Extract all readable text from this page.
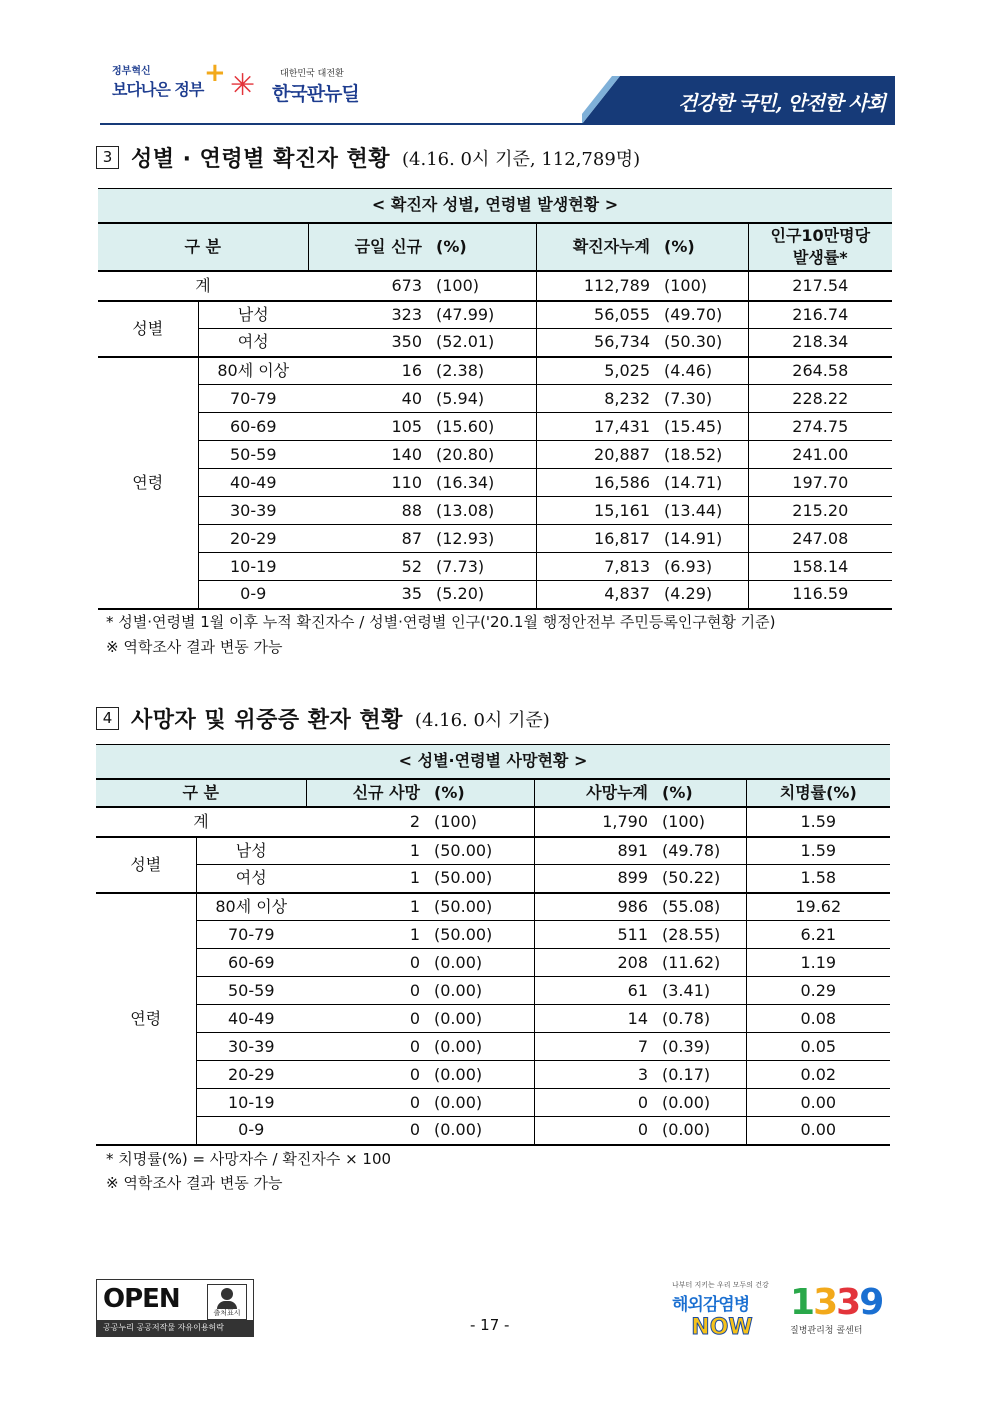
정부혁신
보다나은 정부
+ ✳	대한민국 대전환
한국판뉴딜	건강한 국민, 안전한 사회
3 성별 · 연령별 확진자 현황 (4.16. 0시 기준, 112,789명)
< 확진자 성별, 연령별 발생현황 >						
구 분		금일 신규	(%)	확진자누계	(%)	인구10만명당
발생률*

계		673	(100)	112,789	(100)	217.54
성별	남성	323	(47.99)	56,055	(49.70)	216.74
	여성	350	(52.01)	56,734	(50.30)	218.34
연령	80세 이상	16	(2.38)	5,025	(4.46)	264.58
	70-79	40	(5.94)	8,232	(7.30)	228.22
	60-69	105	(15.60)	17,431	(15.45)	274.75
	50-59	140	(20.80)	20,887	(18.52)	241.00
	40-49	110	(16.34)	16,586	(14.71)	197.70
	30-39	88	(13.08)	15,161	(13.44)	215.20
	20-29	87	(12.93)	16,817	(14.91)	247.08
	10-19	52	(7.73)	7,813	(6.93)	158.14
	0-9	35	(5.20)	4,837	(4.29)	116.59
* 성별·연령별 1월 이후 누적 확진자수 / 성별·연령별 인구('20.1월 행정안전부 주민등록인구현황 기준)
※ 역학조사 결과 변동 가능
4 사망자 및 위중증 환자 현황 (4.16. 0시 기준)
< 성별·연령별 사망현황 >						
구 분		신규 사망	(%)	사망누계	(%)	치명률(%)
계		2	(100)	1,790	(100)	1.59
성별	남성	1	(50.00)	891	(49.78)	1.59
	여성	1	(50.00)	899	(50.22)	1.58
연령	80세 이상	1	(50.00)	986	(55.08)	19.62
	70-79	1	(50.00)	511	(28.55)	6.21
	60-69	0	(0.00)	208	(11.62)	1.19
	50-59	0	(0.00)	61	(3.41)	0.29
	40-49	0	(0.00)	14	(0.78)	0.08
	30-39	0	(0.00)	7	(0.39)	0.05
	20-29	0	(0.00)	3	(0.17)	0.02
	10-19	0	(0.00)	0	(0.00)	0.00
	0-9	0	(0.00)	0	(0.00)	0.00
* 치명률(%) = 사망자수 / 확진자수 × 100
※ 역학조사 결과 변동 가능
OPEN	출처표시
공공누리 공공저작물 자유이용허락	- 17 -
나부터 지키는 우리 모두의 건강
해외감염병
NOW
1339
질병관리청 콜센터
